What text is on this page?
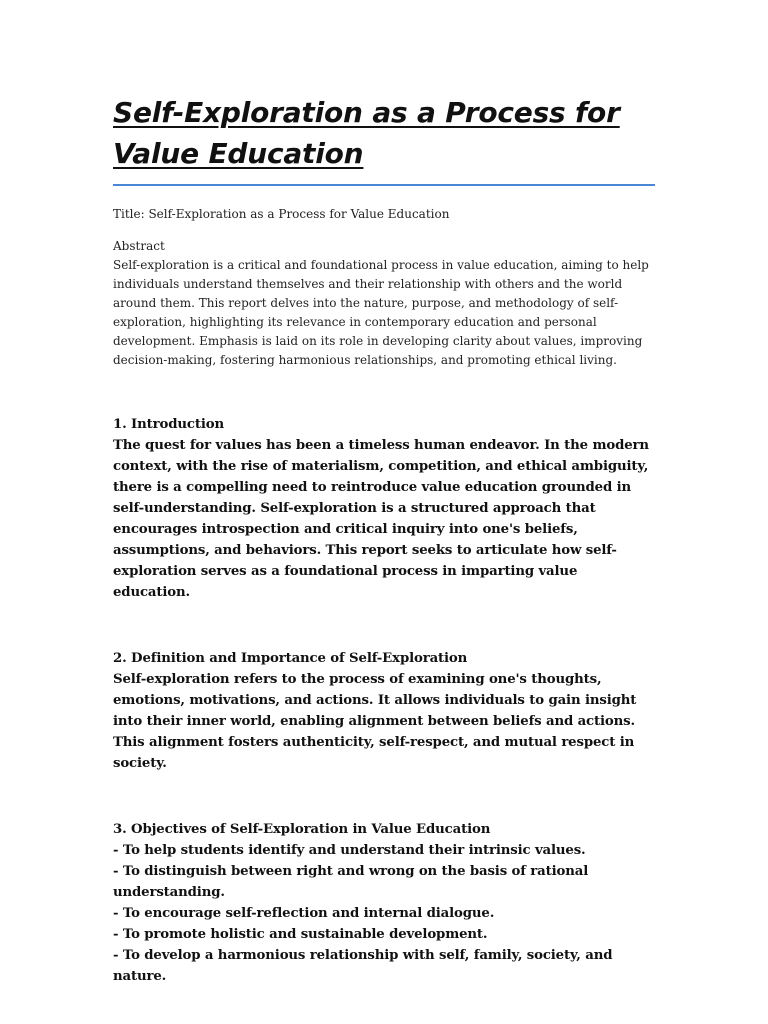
Self-Exploration as a Process for Value Education
Title: Self-Exploration as a Process for Value Education
Abstract
Self-exploration is a critical and foundational process in value education, aiming to help individuals understand themselves and their relationship with others and the world around them. This report delves into the nature, purpose, and methodology of self-exploration, highlighting its relevance in contemporary education and personal development. Emphasis is laid on its role in developing clarity about values, improving decision-making, fostering harmonious relationships, and promoting ethical living.
1. Introduction
The quest for values has been a timeless human endeavor. In the modern context, with the rise of materialism, competition, and ethical ambiguity, there is a compelling need to reintroduce value education grounded in self-understanding. Self-exploration is a structured approach that encourages introspection and critical inquiry into one's beliefs, assumptions, and behaviors. This report seeks to articulate how self-exploration serves as a foundational process in imparting value education.
2. Definition and Importance of Self-Exploration
Self-exploration refers to the process of examining one's thoughts, emotions, motivations, and actions. It allows individuals to gain insight into their inner world, enabling alignment between beliefs and actions. This alignment fosters authenticity, self-respect, and mutual respect in society.
3. Objectives of Self-Exploration in Value Education
- To help students identify and understand their intrinsic values.
- To distinguish between right and wrong on the basis of rational understanding.
- To encourage self-reflection and internal dialogue.
- To promote holistic and sustainable development.
- To develop a harmonious relationship with self, family, society, and nature.
